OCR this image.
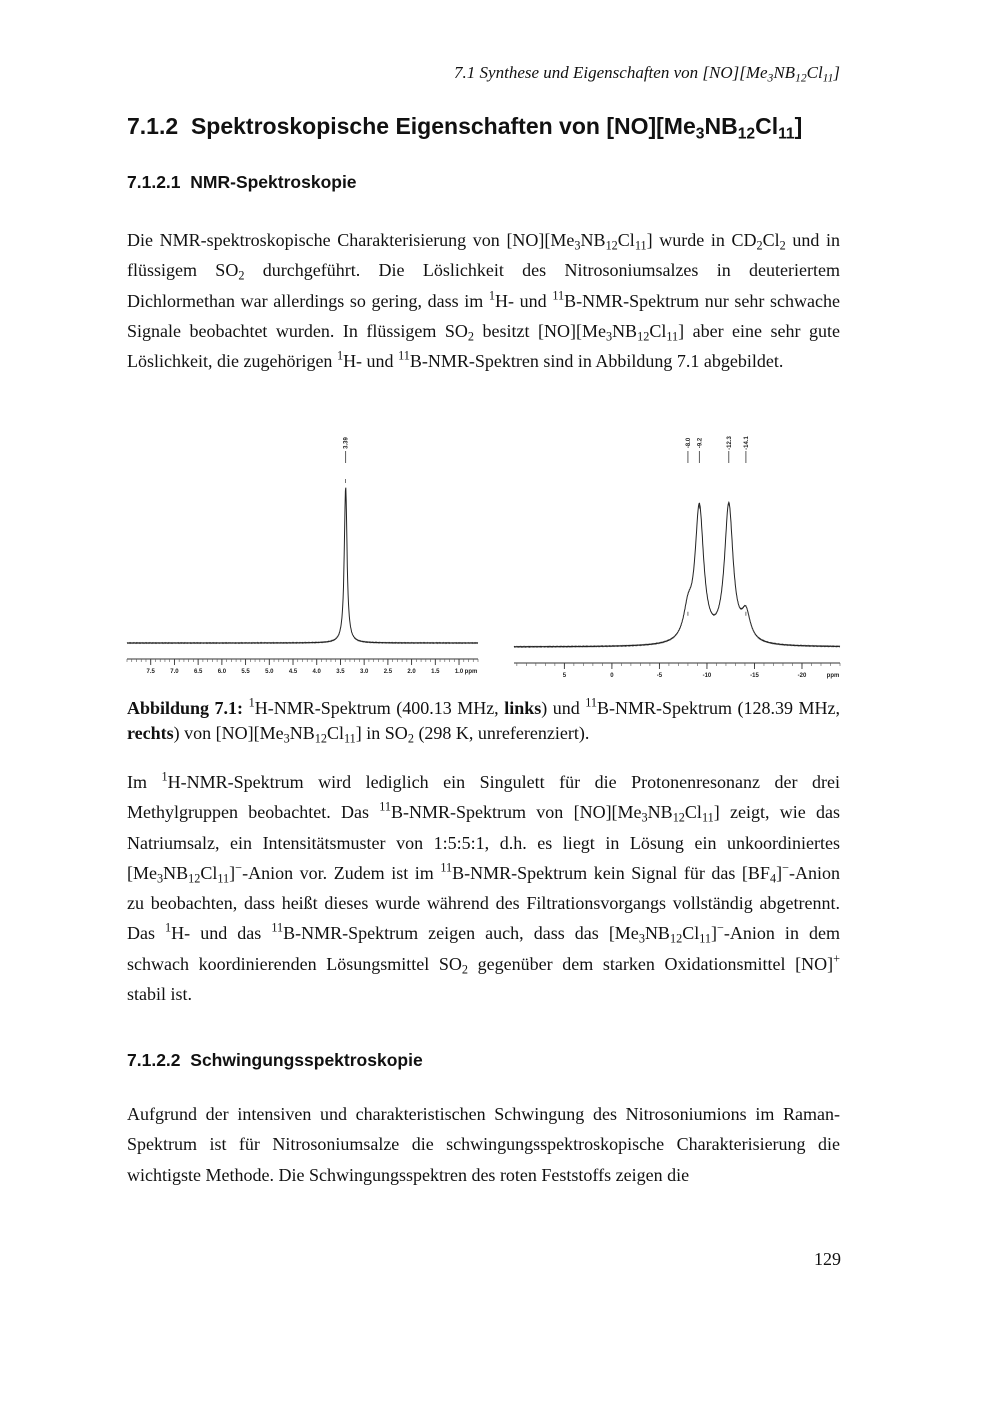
7.1 Synthese und Eigenschaften von $[NO][Me_3NB_{12}Cl_{11}]$
7.1.2 Spektroskopische Eigenschaften von $[NO][Me_3NB_{12}Cl_{11}]$
7.1.2.1 NMR-Spektroskopie

Die NMR-spektroskopische Charakterisierung von $[NO][Me_3NB_{12}Cl_{11}]$ wurde in $CD_2Cl_2$ und in flüssigem $SO_2$ durchgeführt. Die Löslichkeit des Nitrosoniumsalzes in deuteriertem Dichlormethan war allerdings so gering, dass im $^1$H- und $^{11}$B-NMR-Spektrum nur sehr schwache Signale beobachtet wurden. In flüssigem $SO_2$ besitzt $[NO][Me_3NB_{12}Cl_{11}]$ aber eine sehr gute Löslichkeit, die zugehörigen $^1$H- und $^{11}$B-NMR-Spektren sind in Abbildung 7.1 abgebildet.

7.5	7.0	6.5	6.0	5.5	5.0	4.5	4.0	3.5	3.0	2.5	2.0	1.5	1.0 ppm
3.39
5	0	-5	-10	-15	-20	ppm
-8.0 -9.2	-12.3 -14.1
Abbildung 7.1: $^1$H-NMR-Spektrum (400.13 MHz, links) und $^{11}$B-NMR-Spektrum (128.39 MHz, rechts) von $[NO][Me_3NB_{12}Cl_{11}]$ in $SO_2$ (298 K, unreferenziert).

Im $^1$H-NMR-Spektrum wird lediglich ein Singulett für die Protonenresonanz der drei Methylgruppen beobachtet. Das $^{11}$B-NMR-Spektrum von $[NO][Me_3NB_{12}Cl_{11}]$ zeigt, wie das Natriumsalz, ein Intensitätsmuster von 1:5:5:1, d.h. es liegt in Lösung ein unkoordiniertes $[Me_3NB_{12}Cl_{11}]^-$-Anion vor. Zudem ist im $^{11}$B-NMR-Spektrum kein Signal für das $[BF_4]^-$-Anion zu beobachten, dass heißt dieses wurde während des Filtrationsvorgangs vollständig abgetrennt. Das $^1$H- und das $^{11}$B-NMR-Spektrum zeigen auch, dass das $[Me_3NB_{12}Cl_{11}]^-$-Anion in dem schwach koordinierenden Lösungsmittel $SO_2$ gegenüber dem starken Oxidationsmittel [NO]+ stabil ist.

7.1.2.2 Schwingungsspektroskopie

Aufgrund der intensiven und charakteristischen Schwingung des Nitrosoniumions im Raman-Spektrum ist für Nitrosoniumsalze die schwingungsspektroskopische Charakterisierung die wichtigste Methode. Die Schwingungsspektren des roten Feststoffs zeigen die

129
